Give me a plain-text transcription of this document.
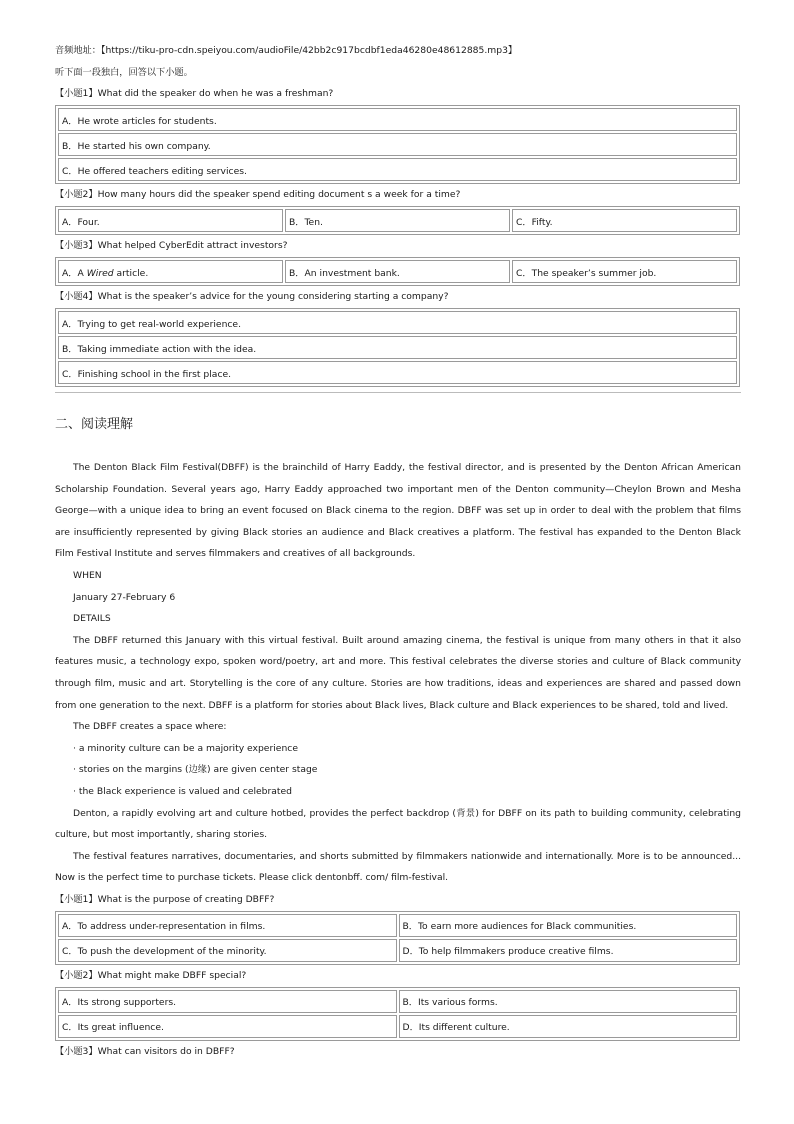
音频地址：【https://tiku-pro-cdn.speiyou.com/audioFile/42bb2c917bcdbf1eda46280e48612885.mp3】
听下面一段独白，回答以下小题。
【小题1】What did the speaker do when he was a freshman?
A．He wrote articles for students.
B．He started his own company.
C．He offered teachers editing services.
【小题2】How many hours did the speaker spend editing document s a week for a time?
A．Four.	B．Ten.	C．Fifty.
【小题3】What helped CyberEdit attract investors?
A．A Wired article.	B．An investment bank.	C．The speaker’s summer job.
【小题4】What is the speaker’s advice for the young considering starting a company?
A．Trying to get real-world experience.
B．Taking immediate action with the idea.
C．Finishing school in the first place.
二、阅读理解

The Denton Black Film Festival(DBFF) is the brainchild of Harry Eaddy, the festival director, and is presented by the Denton African American Scholarship Foundation. Several years ago, Harry Eaddy approached two important men of the Denton community—Cheylon Brown and Mesha George—with a unique idea to bring an event focused on Black cinema to the region. DBFF was set up in order to deal with the problem that films are insufficiently represented by giving Black stories an audience and Black creatives a platform. The festival has expanded to the Denton Black Film Festival Institute and serves filmmakers and creatives of all backgrounds.

WHEN
January 27-February 6
DETAILS

The DBFF returned this January with this virtual festival. Built around amazing cinema, the festival is unique from many others in that it also features music, a technology expo, spoken word/poetry, art and more. This festival celebrates the diverse stories and culture of Black community through film, music and art. Storytelling is the core of any culture. Stories are how traditions, ideas and experiences are shared and passed down from one generation to the next. DBFF is a platform for stories about Black lives, Black culture and Black experiences to be shared, told and lived.

The DBFF creates a space where:
· a minority culture can be a majority experience
· stories on the margins (边缘) are given center stage
· the Black experience is valued and celebrated

Denton, a rapidly evolving art and culture hotbed, provides the perfect backdrop (背景) for DBFF on its path to building community, celebrating culture, but most importantly, sharing stories.

The festival features narratives, documentaries, and shorts submitted by filmmakers nationwide and internationally. More is to be announced... Now is the perfect time to purchase tickets. Please click dentonbff. com/ film-festival.

【小题1】What is the purpose of creating DBFF?
A．To address under-representation in films.	B．To earn more audiences for Black communities.
C．To push the development of the minority.	D．To help filmmakers produce creative films.
【小题2】What might make DBFF special?
A．Its strong supporters.	B．Its various forms.
C．Its great influence.	D．Its different culture.
【小题3】What can visitors do in DBFF?
